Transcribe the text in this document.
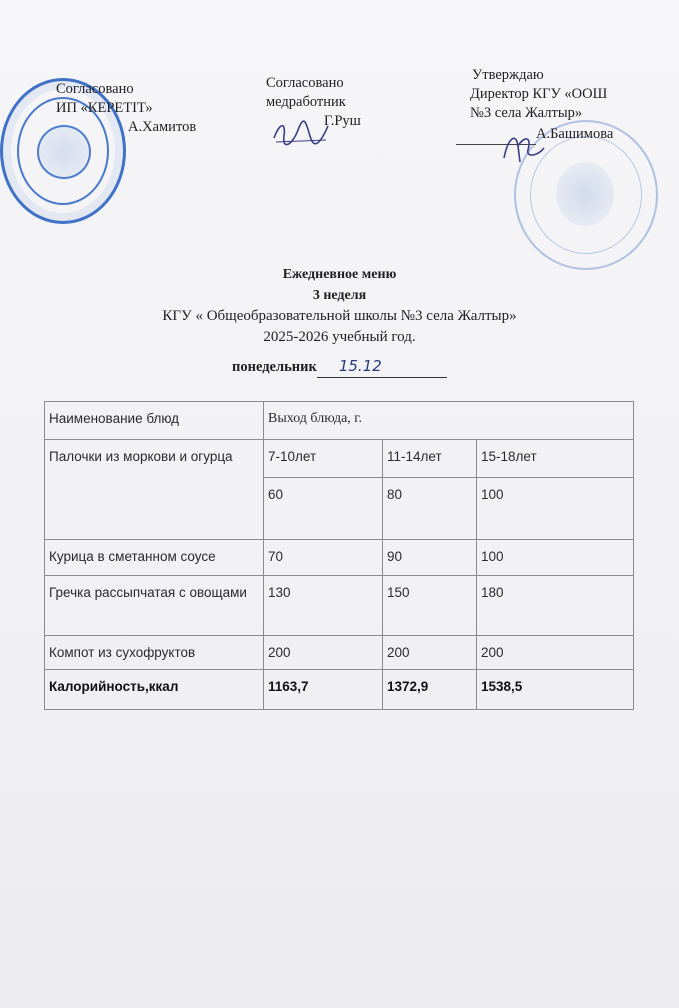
Согласовано
ИП «КЕРЕТІТ»
А.Хамитов
Согласовано
медработник
Г.Руш
Утверждаю
Директор КГУ «ООШ
№3 села Жалтыр»
А.Башимова
Ежедневное меню
3 неделя
КГУ « Общеобразовательной школы №3 села Жалтыр»
2025-2026 учебный год.
понедельник 15.12
Наименование блюд	Выход блюда, г.		
Палочки из моркови и огурца	7-10лет	11-14лет	15-18лет
	60	80	100
Курица в сметанном соусе	70	90	100
Гречка рассыпчатая с овощами	130	150	180
Компот из сухофруктов	200	200	200
Калорийность,ккал	1163,7	1372,9	1538,5
